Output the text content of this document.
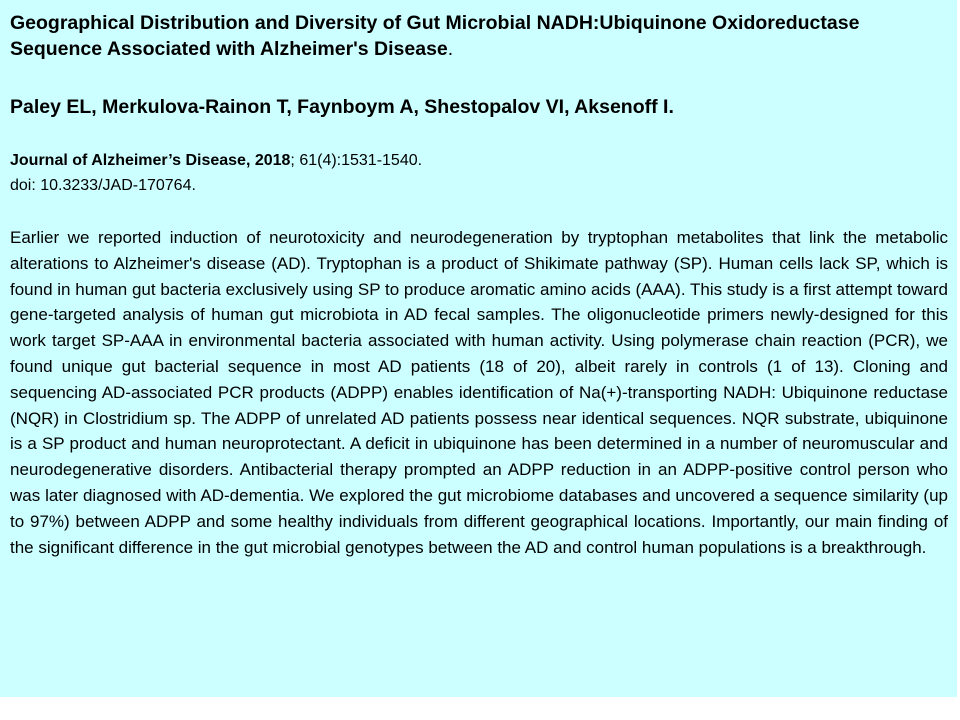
Geographical Distribution and Diversity of Gut Microbial NADH:Ubiquinone Oxidoreductase Sequence Associated with Alzheimer's Disease.

Paley EL, Merkulova-Rainon T, Faynboym A, Shestopalov VI, Aksenoff I.

Journal of Alzheimer’s Disease, 2018; 61(4):1531-1540.
doi: 10.3233/JAD-170764.

Earlier we reported induction of neurotoxicity and neurodegeneration by tryptophan metabolites that link the metabolic alterations to Alzheimer's disease (AD). Tryptophan is a product of Shikimate pathway (SP). Human cells lack SP, which is found in human gut bacteria exclusively using SP to produce aromatic amino acids (AAA). This study is a first attempt toward gene-targeted analysis of human gut microbiota in AD fecal samples. The oligonucleotide primers newly-designed for this work target SP-AAA in environmental bacteria associated with human activity. Using polymerase chain reaction (PCR), we found unique gut bacterial sequence in most AD patients (18 of 20), albeit rarely in controls (1 of 13). Cloning and sequencing AD-associated PCR products (ADPP) enables identification of Na(+)-transporting NADH: Ubiquinone reductase (NQR) in Clostridium sp. The ADPP of unrelated AD patients possess near identical sequences. NQR substrate, ubiquinone is a SP product and human neuroprotectant. A deficit in ubiquinone has been determined in a number of neuromuscular and neurodegenerative disorders. Antibacterial therapy prompted an ADPP reduction in an ADPP-positive control person who was later diagnosed with AD-dementia. We explored the gut microbiome databases and uncovered a sequence similarity (up to 97%) between ADPP and some healthy individuals from different geographical locations. Importantly, our main finding of the significant difference in the gut microbial genotypes between the AD and control human populations is a breakthrough.
